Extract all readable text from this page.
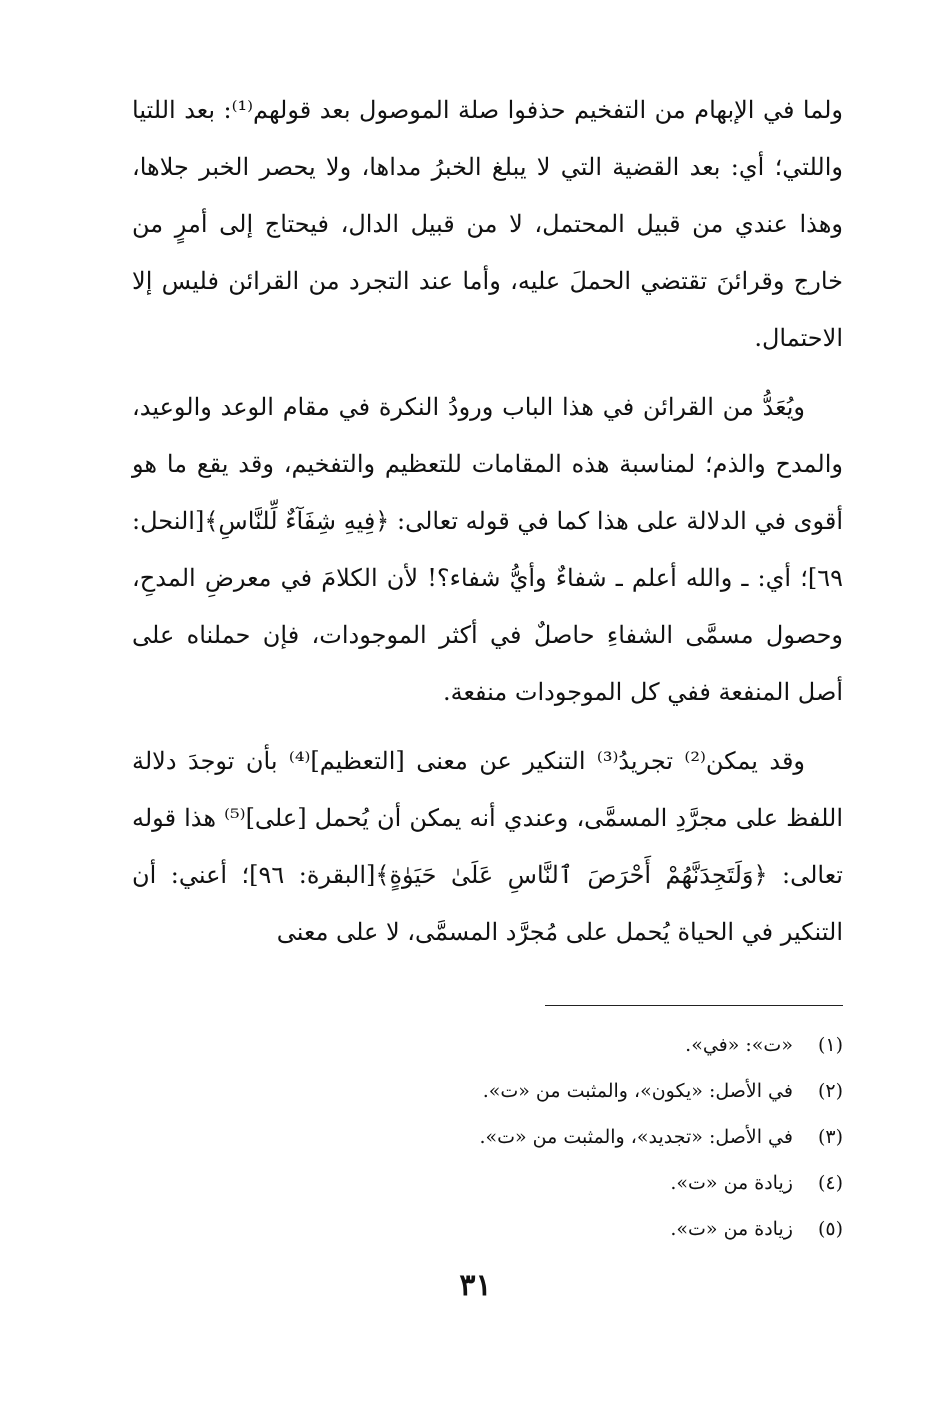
ولما في الإبهام من التفخيم حذفوا صلة الموصول بعد قولهم⁽¹⁾: بعد اللتيا واللتي؛ أي: بعد القضية التي لا يبلغ الخبرُ مداها، ولا يحصر الخبر جلاها، وهذا عندي من قبيل المحتمل، لا من قبيل الدال، فيحتاج إلى أمرٍ من خارج وقرائنَ تقتضي الحملَ عليه، وأما عند التجرد من القرائن فليس إلا الاحتمال.

ويُعَدُّ من القرائن في هذا الباب ورودُ النكرة في مقام الوعد والوعيد، والمدح والذم؛ لمناسبة هذه المقامات للتعظيم والتفخيم، وقد يقع ما هو أقوى في الدلالة على هذا كما في قوله تعالى: ﴿فِيهِ شِفَآءٌ لِّلنَّاسِ﴾[النحل: ٦٩]؛ أي: ـ والله أعلم ـ شفاءٌ وأيُّ شفاء؟! لأن الكلامَ في معرضِ المدحِ، وحصول مسمَّى الشفاءِ حاصلٌ في أكثر الموجودات، فإن حملناه على أصل المنفعة ففي كل الموجودات منفعة.

وقد يمكن⁽²⁾ تجريدُ⁽³⁾ التنكير عن معنى [التعظيم]⁽⁴⁾ بأن توجدَ دلالة اللفظ على مجرَّدِ المسمَّى، وعندي أنه يمكن أن يُحمل [على]⁽⁵⁾ هذا قوله تعالى: ﴿وَلَتَجِدَنَّهُمْ أَحْرَصَ ٱلنَّاسِ عَلَىٰ حَيَوٰةٍ﴾[البقرة: ٩٦]؛ أعني: أن التنكير في الحياة يُحمل على مُجرَّد المسمَّى، لا على معنى

(١) «ت»: «في».
(٢) في الأصل: «يكون»، والمثبت من «ت».
(٣) في الأصل: «تجديد»، والمثبت من «ت».
(٤) زيادة من «ت».
(٥) زيادة من «ت».
٣١
